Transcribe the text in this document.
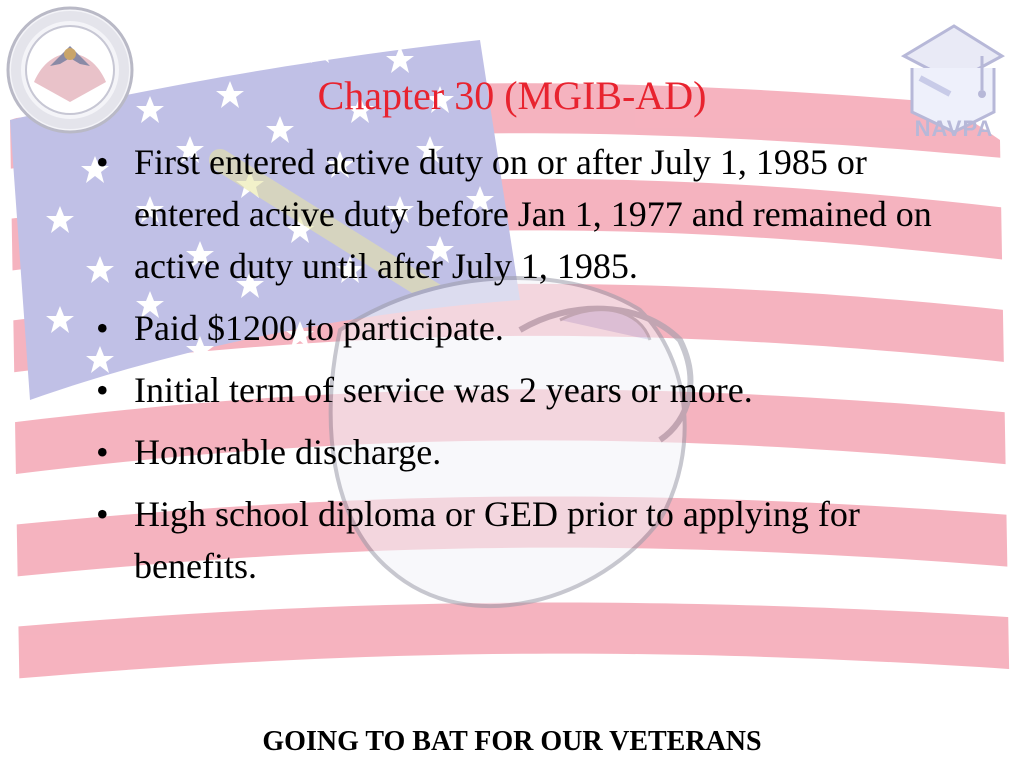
NAVPA
Chapter 30 (MGIB-AD)
• First entered active duty on or after July 1, 1985 or entered active duty before Jan 1, 1977 and remained on active duty until after July 1, 1985.
• Paid $1200 to participate.
• Initial term of service was 2 years or more.
• Honorable discharge.
• High school diploma or GED prior to applying for benefits.
GOING TO BAT FOR OUR VETERANS
